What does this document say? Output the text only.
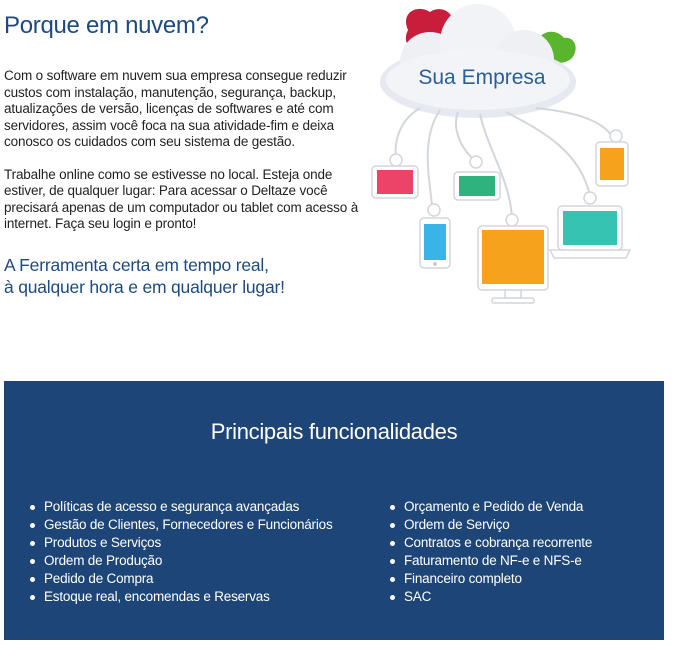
Porque em nuvem?

Com o software em nuvem sua empresa consegue reduzir custos com instalação, manutenção, segurança, backup, atualizações de versão, licenças de softwares e até com servidores, assim você foca na sua atividade-fim e deixa conosco os cuidados com seu sistema de gestão.

Trabalhe online como se estivesse no local. Esteja onde estiver, de qualquer lugar: Para acessar o Deltaze você precisará apenas de um computador ou tablet com acesso à internet. Faça seu login e pronto!

A Ferramenta certa em tempo real,
à qualquer hora e em qualquer lugar!

Sua Empresa
Principais funcionalidades
Políticas de acesso e segurança avançadas
Gestão de Clientes, Fornecedores e Funcionários
Produtos e Serviços
Ordem de Produção
Pedido de Compra
Estoque real, encomendas e Reservas
Orçamento e Pedido de Venda
Ordem de Serviço
Contratos e cobrança recorrente
Faturamento de NF-e e NFS-e
Financeiro completo
SAC
